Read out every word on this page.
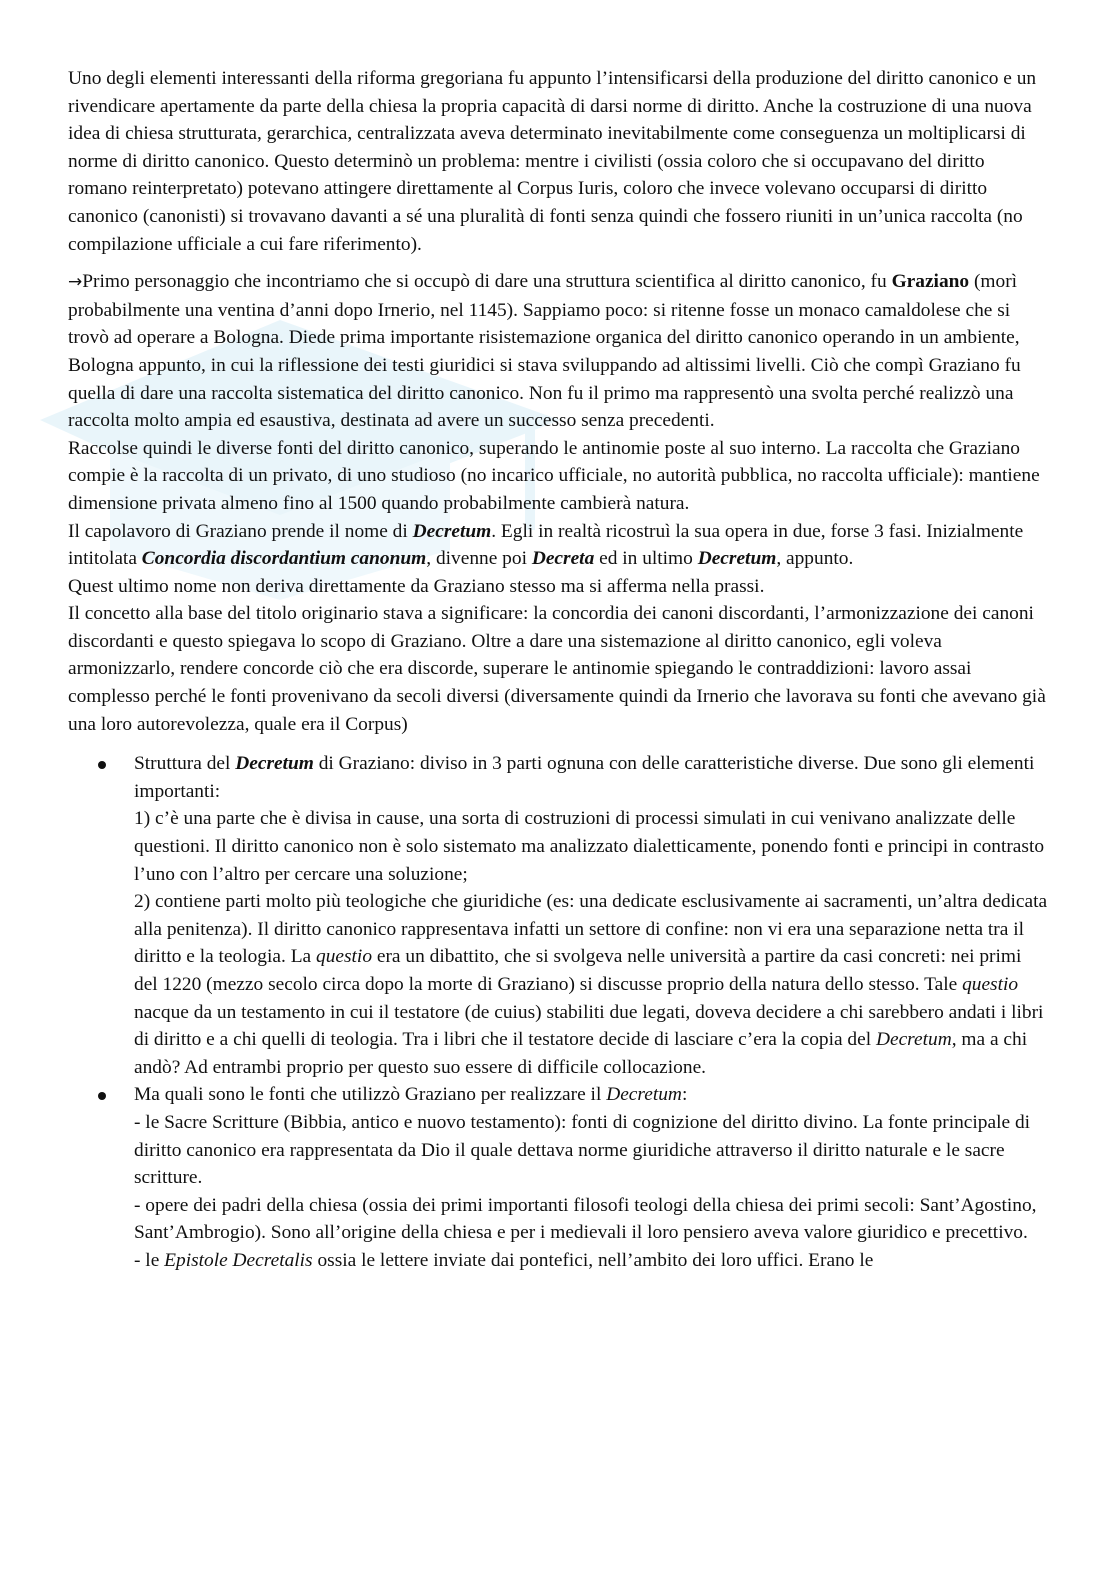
Uno degli elementi interessanti della riforma gregoriana fu appunto l’intensificarsi della produzione del diritto canonico e un rivendicare apertamente da parte della chiesa la propria capacità di darsi norme di diritto. Anche la costruzione di una nuova idea di chiesa strutturata, gerarchica, centralizzata aveva determinato inevitabilmente come conseguenza un moltiplicarsi di norme di diritto canonico. Questo determinò un problema: mentre i civilisti (ossia coloro che si occupavano del diritto romano reinterpretato) potevano attingere direttamente al Corpus Iuris, coloro che invece volevano occuparsi di diritto canonico (canonisti) si trovavano davanti a sé una pluralità di fonti senza quindi che fossero riuniti in un’unica raccolta (no compilazione ufficiale a cui fare riferimento).

→Primo personaggio che incontriamo che si occupò di dare una struttura scientifica al diritto canonico, fu Graziano (morì probabilmente una ventina d’anni dopo Irnerio, nel 1145). Sappiamo poco: si ritenne fosse un monaco camaldolese che si trovò ad operare a Bologna. Diede prima importante risistemazione organica del diritto canonico operando in un ambiente, Bologna appunto, in cui la riflessione dei testi giuridici si stava sviluppando ad altissimi livelli. Ciò che compì Graziano fu quella di dare una raccolta sistematica del diritto canonico. Non fu il primo ma rappresentò una svolta perché realizzò una raccolta molto ampia ed esaustiva, destinata ad avere un successo senza precedenti.

Raccolse quindi le diverse fonti del diritto canonico, superando le antinomie poste al suo interno. La raccolta che Graziano compie è la raccolta di un privato, di uno studioso (no incarico ufficiale, no autorità pubblica, no raccolta ufficiale): mantiene dimensione privata almeno fino al 1500 quando probabilmente cambierà natura.

Il capolavoro di Graziano prende il nome di Decretum. Egli in realtà ricostruì la sua opera in due, forse 3 fasi. Inizialmente intitolata Concordia discordantium canonum, divenne poi Decreta ed in ultimo Decretum, appunto.

Quest ultimo nome non deriva direttamente da Graziano stesso ma si afferma nella prassi.

Il concetto alla base del titolo originario stava a significare: la concordia dei canoni discordanti, l’armonizzazione dei canoni discordanti e questo spiegava lo scopo di Graziano. Oltre a dare una sistemazione al diritto canonico, egli voleva armonizzarlo, rendere concorde ciò che era discorde, superare le antinomie spiegando le contraddizioni: lavoro assai complesso perché le fonti provenivano da secoli diversi (diversamente quindi da Irnerio che lavorava su fonti che avevano già una loro autorevolezza, quale era il Corpus)

Struttura del Decretum di Graziano: diviso in 3 parti ognuna con delle caratteristiche diverse. Due sono gli elementi importanti:
1) c’è una parte che è divisa in cause, una sorta di costruzioni di processi simulati in cui venivano analizzate delle questioni. Il diritto canonico non è solo sistemato ma analizzato dialetticamente, ponendo fonti e principi in contrasto l’uno con l’altro per cercare una soluzione;
2) contiene parti molto più teologiche che giuridiche (es: una dedicate esclusivamente ai sacramenti, un’altra dedicata alla penitenza). Il diritto canonico rappresentava infatti un settore di confine: non vi era una separazione netta tra il diritto e la teologia. La questio era un dibattito, che si svolgeva nelle università a partire da casi concreti: nei primi del 1220 (mezzo secolo circa dopo la morte di Graziano) si discusse proprio della natura dello stesso. Tale questio nacque da un testamento in cui il testatore (de cuius) stabiliti due legati, doveva decidere a chi sarebbero andati i libri di diritto e a chi quelli di teologia. Tra i libri che il testatore decide di lasciare c’era la copia del Decretum, ma a chi andò? Ad entrambi proprio per questo suo essere di difficile collocazione.
Ma quali sono le fonti che utilizzò Graziano per realizzare il Decretum:
- le Sacre Scritture (Bibbia, antico e nuovo testamento): fonti di cognizione del diritto divino. La fonte principale di diritto canonico era rappresentata da Dio il quale dettava norme giuridiche attraverso il diritto naturale e le sacre scritture.
- opere dei padri della chiesa (ossia dei primi importanti filosofi teologi della chiesa dei primi secoli: Sant’Agostino, Sant’Ambrogio). Sono all’origine della chiesa e per i medievali il loro pensiero aveva valore giuridico e precettivo.
- le Epistole Decretalis ossia le lettere inviate dai pontefici, nell’ambito dei loro uffici. Erano le
